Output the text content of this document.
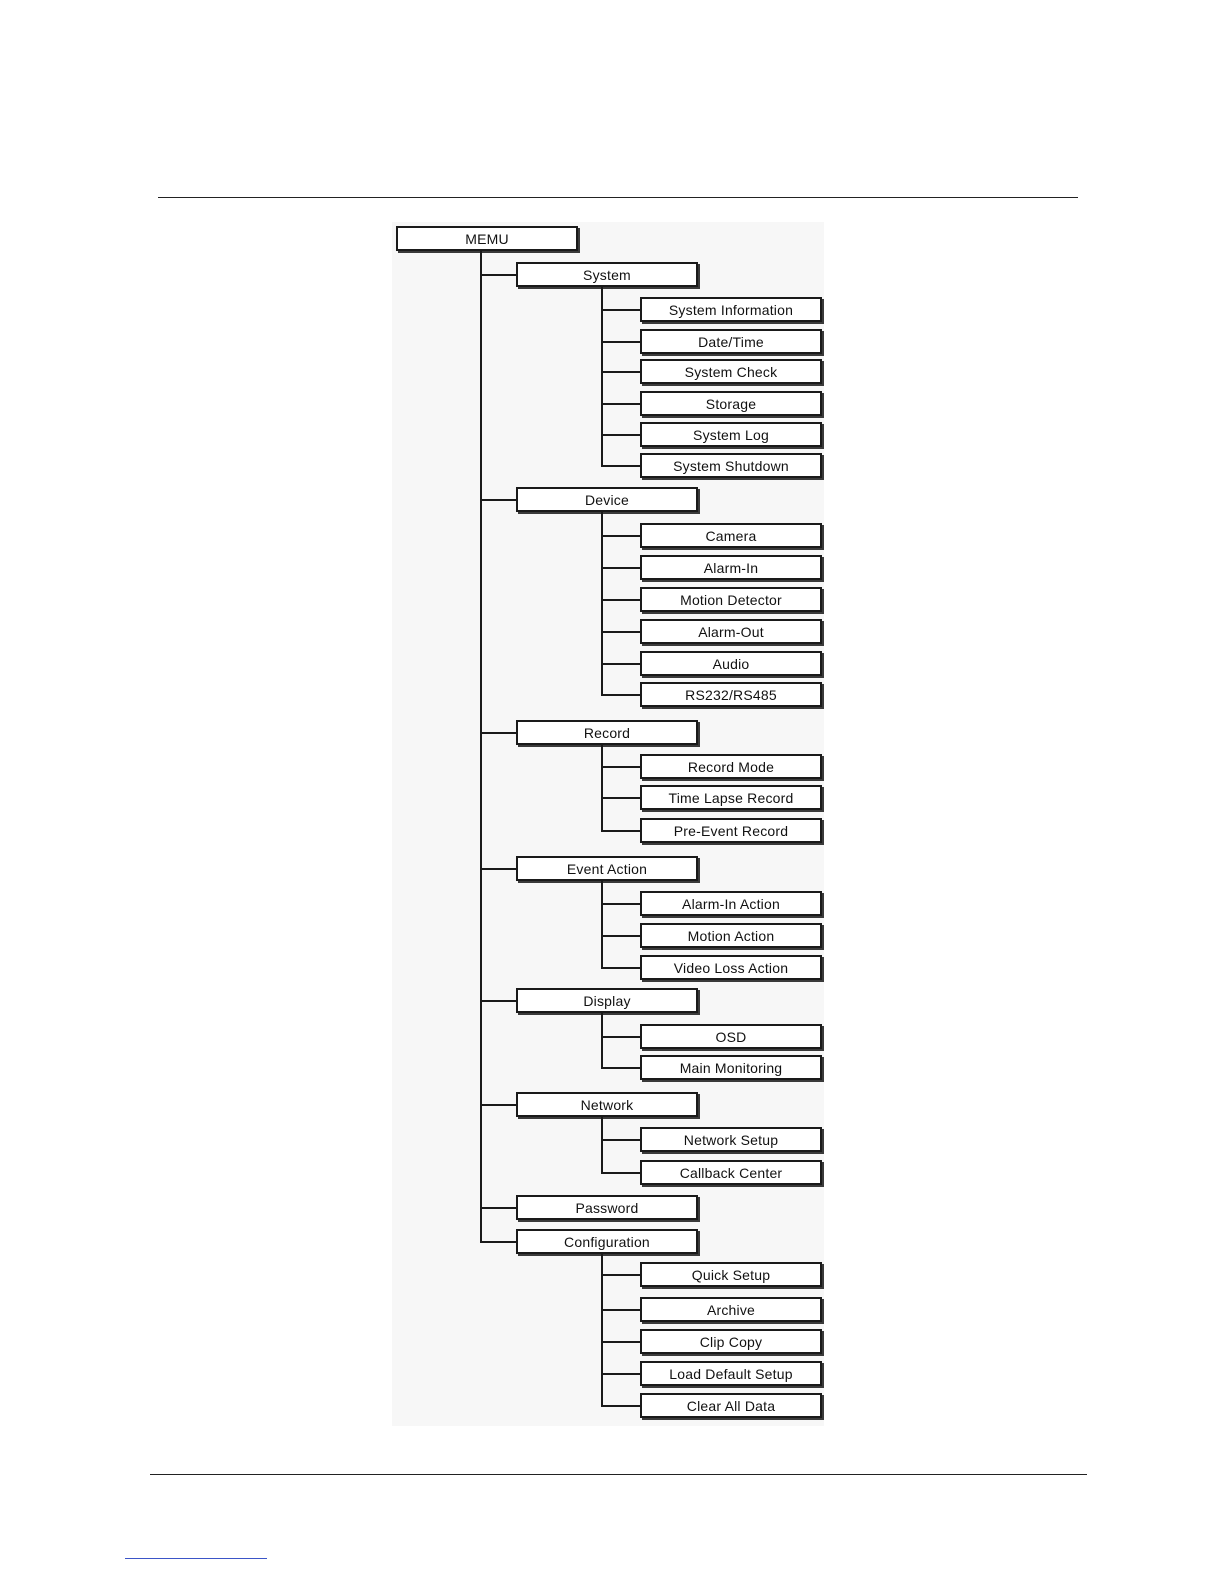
MEMU
System
System Information
Date/Time
System Check
Storage
System Log
System Shutdown
Device
Camera
Alarm-In
Motion Detector
Alarm-Out
Audio
RS232/RS485
Record
Record Mode
Time Lapse Record
Pre-Event Record
Event Action
Alarm-In Action
Motion Action
Video Loss Action
Display
OSD
Main Monitoring
Network
Network Setup
Callback Center
Password
Configuration
Quick Setup
Archive
Clip Copy
Load Default Setup
Clear All Data
